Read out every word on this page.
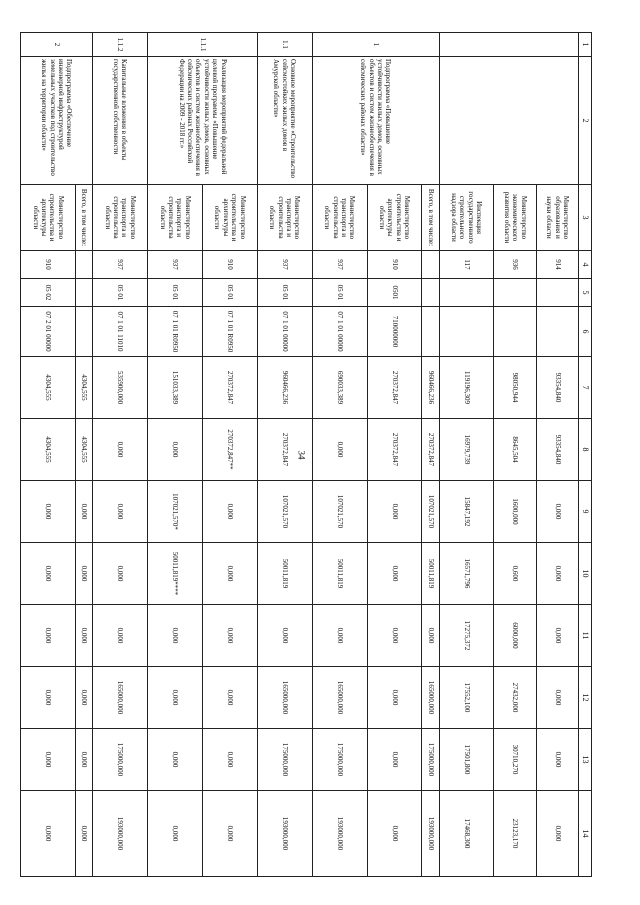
34
1	2	3	4	5	6	7	8	9	10	11	12	13	14
		Министерство образования и науки области	914			93354,840	93354,840	0,000	0,000	0,000	0,000	0,000	0,000
		Министерство экономического развития области	936			98050,944	8645,504	1600,000	0,600	6000,000	27432,000	30710,270	23123,170
		Инспекция государственного строительного надзора области	117			119196,309	16979,739	15847,192	16571,796	17275,372	17552,100	17501,800	17468,300
1	Подпрограмма «Повышение устойчивости жилых домов, основных объектов и систем жизнеобеспечения в сейсмических районах области»	Всего, в том числе:				960466,236	270372,847	107021,570	50011,819	0,000	165000,000	175000,000	193000,000
		Министерство строительства и архитектуры области	910	0501	710000000	270372,847	270372,847	0,000	0,000	0,000	0,000	0,000	0,000
		Министерство транспорта и строительства области	937	05 01	07 1 01 00000	690033,389	0,000	107021,570	50011,819	0,000	165000,000	175000,000	193000,000
1.1	Основное мероприятие «Строительство сейсмостойких жилых домов в Амурской области»	Министерство транспорта и строительства области	937	05 01	07 1 01 00000	960466,236	270372,847	107021,570	50011,819	0,000	165000,000	175000,000	193000,000
1.1.1	Реализация мероприятий федеральной целевой программы «Повышение устойчивости жилых домов, основных объектов и систем жизнеобеспечения в сейсмических районах Российской Федерации на 2009 - 2018 гг.»	Министерство строительства и архитектуры области	910	05 01	07 1 01 R0950	270372,847	270372,847**	0,000	0,000	0,000	0,000	0,000	0,000
		Министерство транспорта и строительства области	937	05 01	07 1 01 R0950	151033,389	0,000	107021,570*	50011,819****	0,000	0,000	0,000	0,000
1.1.2	Капитальные вложения в объекты государственной собственности	Министерство транспорта и строительства области	937	05 01	07 1 01 11010	535900,000	0,000	0,000	0,000	0,000	165000,000	175000,000	193000,000
2	Подпрограмма «Обеспечение инженерной инфраструктурой земельных участков под строительство жилья на территории области»	Всего, в том числе:				4304,555	4304,555	0,000	0,000	0,000	0,000	0,000	0,000
		Министерство строительства и архитектуры области	910	05 02	07 2 01 00000	4304,555	4304,555	0,000	0,000	0,000	0,000	0,000	0,000
